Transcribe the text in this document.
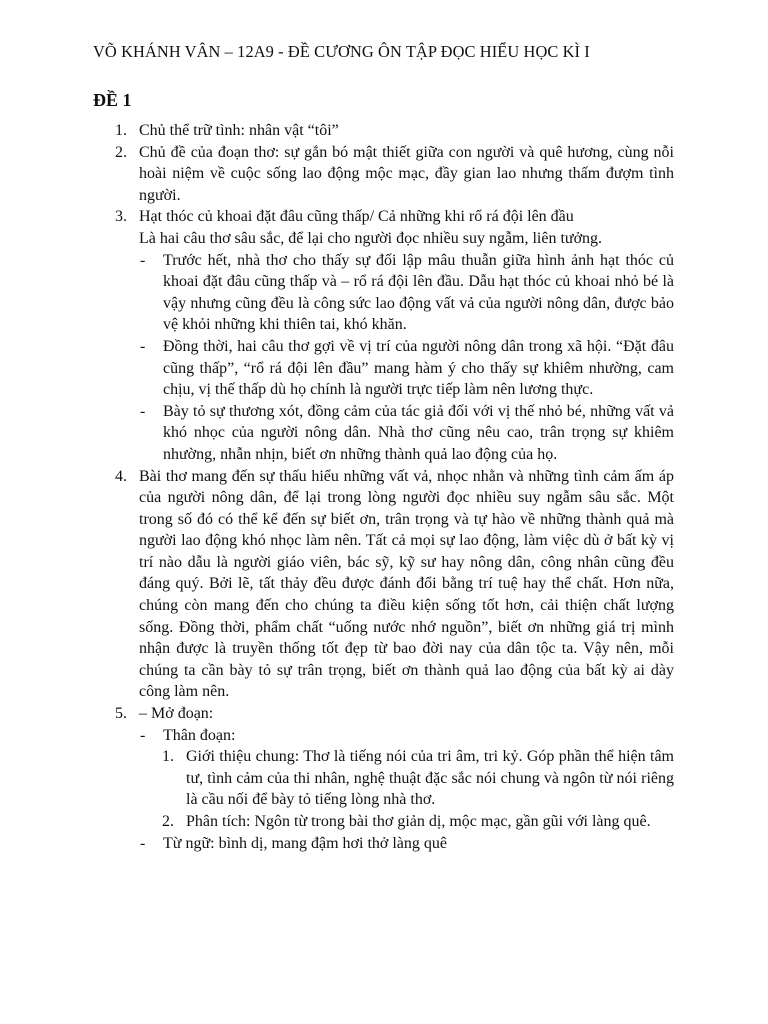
VÕ KHÁNH VÂN – 12A9 - ĐỀ CƯƠNG ÔN TẬP ĐỌC HIỂU HỌC KÌ I
ĐỀ 1
1. Chủ thể trữ tình: nhân vật “tôi”
2. Chủ đề của đoạn thơ: sự gắn bó mật thiết giữa con người và quê hương, cùng nỗi hoài niệm về cuộc sống lao động mộc mạc, đầy gian lao nhưng thấm đượm tình người.
3. Hạt thóc củ khoai đặt đâu cũng thấp/ Cả những khi rổ rá đội lên đầu
Là hai câu thơ sâu sắc, để lại cho người đọc nhiều suy ngẫm, liên tưởng.
- Trước hết, nhà thơ cho thấy sự đối lập mâu thuẫn giữa hình ảnh hạt thóc củ khoai đặt đâu cũng thấp và – rổ rá đội lên đầu. Dẫu hạt thóc củ khoai nhỏ bé là vậy nhưng cũng đều là công sức lao động vất vả của người nông dân, được bảo vệ khỏi những khi thiên tai, khó khăn.
- Đồng thời, hai câu thơ gợi về vị trí của người nông dân trong xã hội. “Đặt đâu cũng thấp”, “rổ rá đội lên đầu” mang hàm ý cho thấy sự khiêm nhường, cam chịu, vị thế thấp dù họ chính là người trực tiếp làm nên lương thực.
- Bày tỏ sự thương xót, đồng cảm của tác giả đối với vị thế nhỏ bé, những vất vả khó nhọc của người nông dân. Nhà thơ cũng nêu cao, trân trọng sự khiêm nhường, nhẫn nhịn, biết ơn những thành quả lao động của họ.
4. Bài thơ mang đến sự thấu hiểu những vất vả, nhọc nhằn và những tình cảm ấm áp của người nông dân, để lại trong lòng người đọc nhiều suy ngẫm sâu sắc. Một trong số đó có thể kể đến sự biết ơn, trân trọng và tự hào về những thành quả mà người lao động khó nhọc làm nên. Tất cả mọi sự lao động, làm việc dù ở bất kỳ vị trí nào dẫu là người giáo viên, bác sỹ, kỹ sư hay nông dân, công nhân cũng đều đáng quý. Bởi lẽ, tất thảy đều được đánh đổi bằng trí tuệ hay thể chất. Hơn nữa, chúng còn mang đến cho chúng ta điều kiện sống tốt hơn, cải thiện chất lượng sống. Đồng thời, phẩm chất “uống nước nhớ nguồn”, biết ơn những giá trị mình nhận được là truyền thống tốt đẹp từ bao đời nay của dân tộc ta. Vậy nên, mỗi chúng ta cần bày tỏ sự trân trọng, biết ơn thành quả lao động của bất kỳ ai dày công làm nên.
5. – Mở đoạn:
- Thân đoạn:
1. Giới thiệu chung: Thơ là tiếng nói của tri âm, tri kỷ. Góp phần thể hiện tâm tư, tình cảm của thi nhân, nghệ thuật đặc sắc nói chung và ngôn từ nói riêng là cầu nối để bày tỏ tiếng lòng nhà thơ.
2. Phân tích: Ngôn từ trong bài thơ giản dị, mộc mạc, gần gũi với làng quê.
- Từ ngữ: bình dị, mang đậm hơi thở làng quê
